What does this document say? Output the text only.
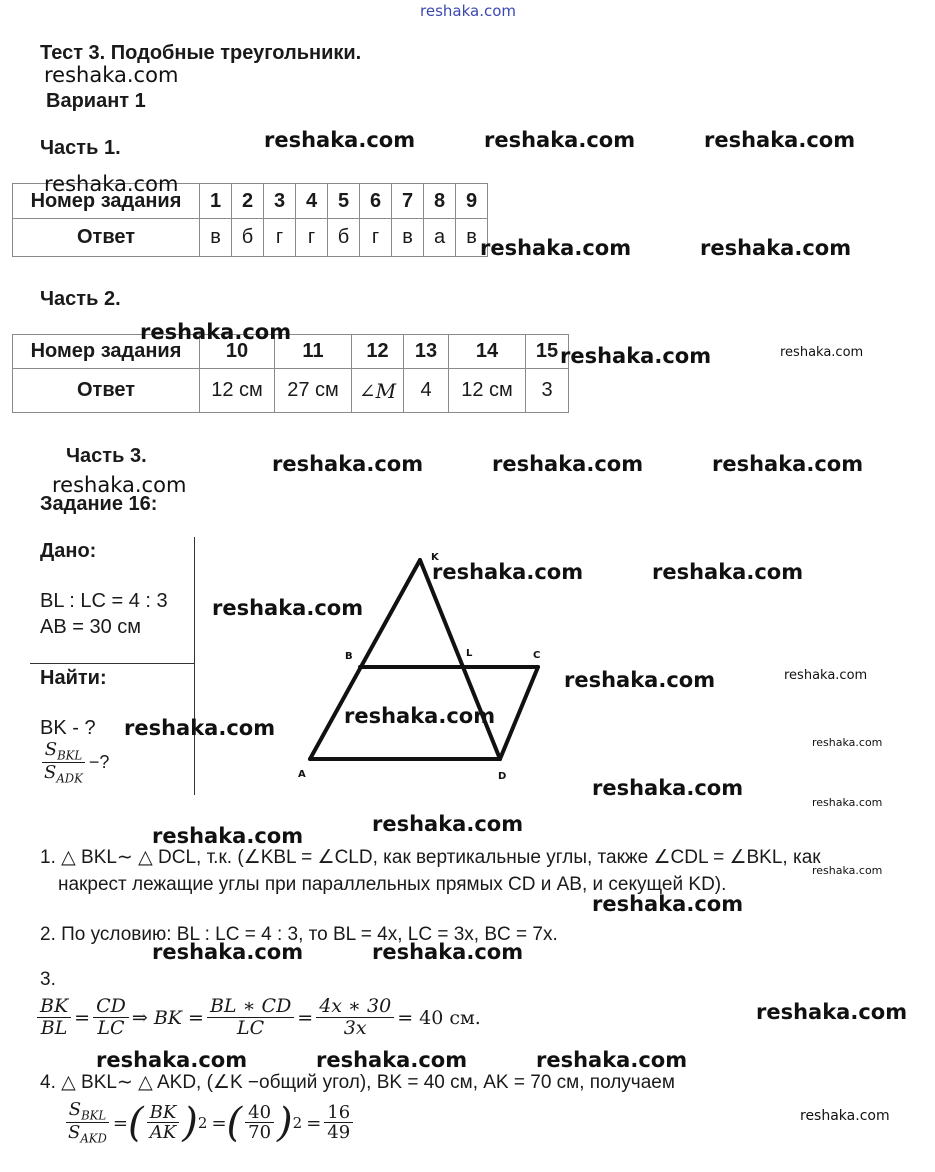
reshaka.com
Тест 3. Подобные треугольники.
reshaka.com
Вариант 1
Часть 1.
Номер задания	1	2	3	4	5	6	7	8	9
Ответ	в	б	г	г	б	г	в	а	в
Часть 2.
Номер задания	10	11	12	13	14	15
Ответ	12 см	27 см	∠M	4	12 см	3
Часть 3.
Задание 16:
Дано:
BL : LC = 4 : 3
AB = 30 см
Найти:
BK - ?
$\frac{S_{BKL}}{S_{ADK}}$ −?
K
B	L	C
A	D
1. △ BKL∼ △ DCL, т.к. (∠KBL = ∠CLD, как вертикальные углы, также ∠CDL = ∠BKL, как
накрест лежащие углы при параллельных прямых CD и AB, и секущей KD).
2. По условию: BL : LC = 4 : 3, то BL = 4x, LC = 3x, BC = 7x.
3.
$\frac{BK}{BL} = \frac{CD}{LC}$ ⇒ BK = $\frac{BL ∗ CD}{LC} = \frac{4x ∗ 30}{3x} = 40$ см.
4. △ BKL∼ △ AKD, (∠K −общий угол), BK = 40 см, AK = 70 см, получаем
$\frac{S_{BKL}}{S_{AKD}}$ = ( $\frac{BK}{AK}$ ) 2 = ( $\frac{40}{70}$ ) $2 = \frac{16}{49}$
reshaka.com	reshaka.com	reshaka.com
reshaka.com
reshaka.com	reshaka.com
reshaka.com
reshaka.com
reshaka.com	reshaka.com	reshaka.com
reshaka.com
reshaka.com	reshaka.com
reshaka.com
reshaka.com
reshaka.com
reshaka.com
reshaka.com
reshaka.com
reshaka.com
reshaka.com
reshaka.com	reshaka.com
reshaka.com
reshaka.com	reshaka.com	reshaka.com
reshaka.com
reshaka.com
reshaka.com
reshaka.com
reshaka.com
reshaka.com
